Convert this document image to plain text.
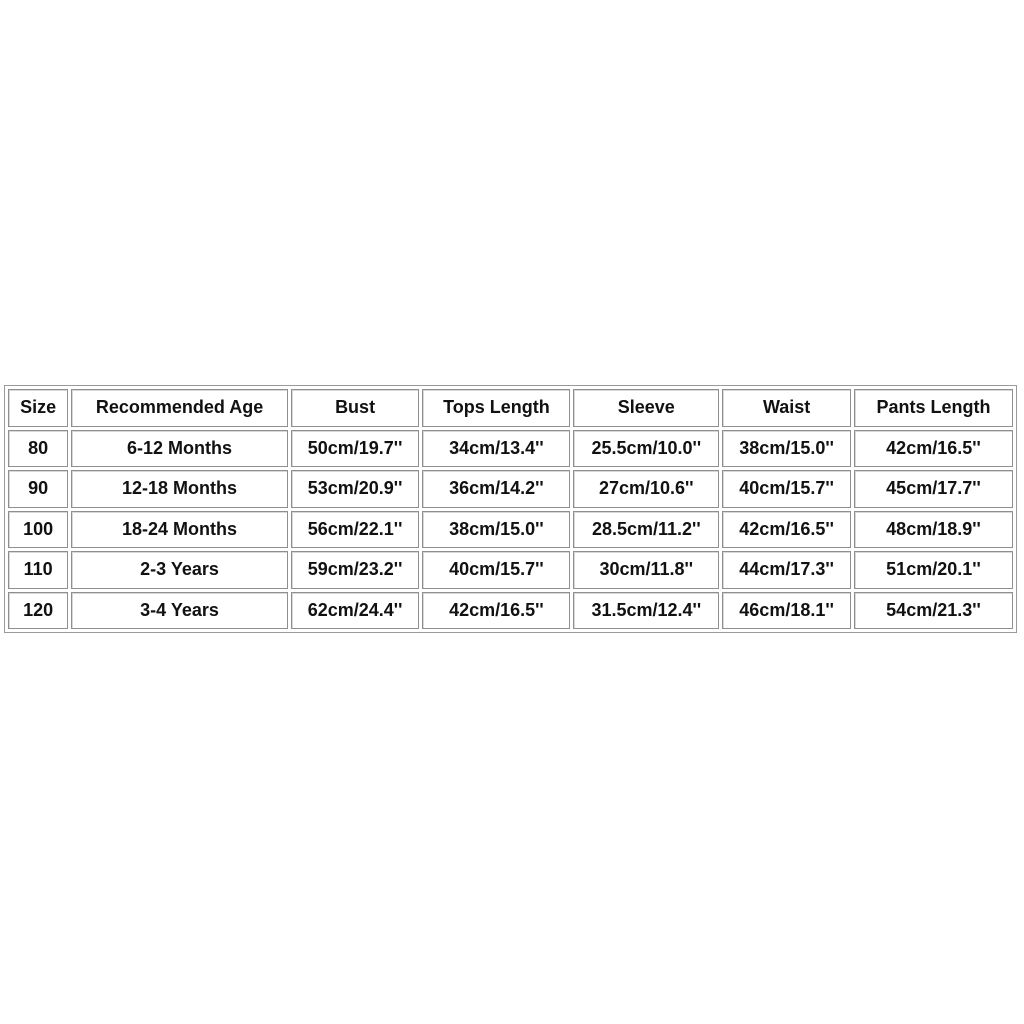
Size	Recommended Age	Bust	Tops Length	Sleeve	Waist	Pants Length
80	6-12 Months	50cm/19.7''	34cm/13.4''	25.5cm/10.0''	38cm/15.0''	42cm/16.5''
90	12-18 Months	53cm/20.9''	36cm/14.2''	27cm/10.6''	40cm/15.7''	45cm/17.7''
100	18-24 Months	56cm/22.1''	38cm/15.0''	28.5cm/11.2''	42cm/16.5''	48cm/18.9''
110	2-3 Years	59cm/23.2''	40cm/15.7''	30cm/11.8''	44cm/17.3''	51cm/20.1''
120	3-4 Years	62cm/24.4''	42cm/16.5''	31.5cm/12.4''	46cm/18.1''	54cm/21.3''
